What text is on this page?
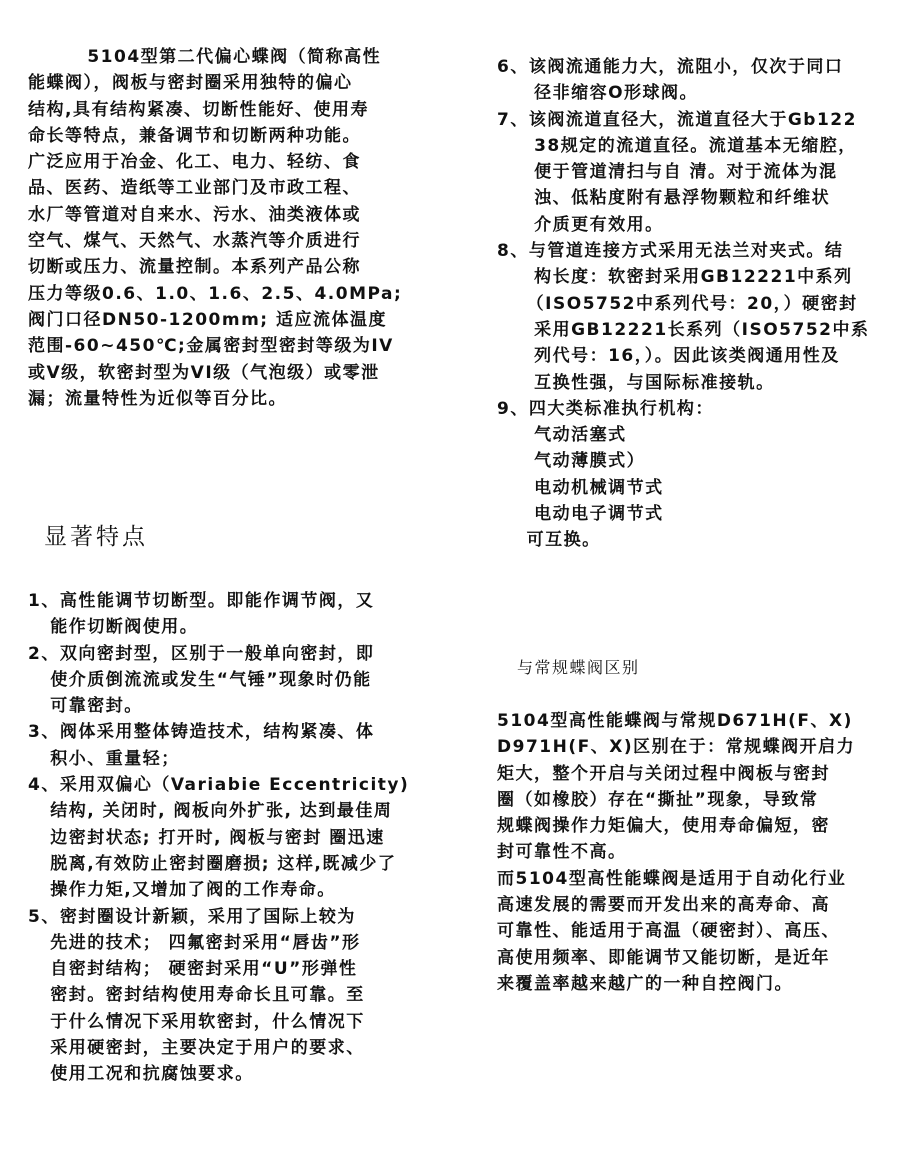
5104型第二代偏心蝶阀（简称高性
能蝶阀），阀板与密封圈采用独特的偏心
结构,具有结构紧凑、切断性能好、使用寿
命长等特点，兼备调节和切断两种功能。
广泛应用于冶金、化工、电力、轻纺、食
品、医药、造纸等工业部门及市政工程、
水厂等管道对自来水、污水、油类液体或
空气、煤气、天然气、水蒸汽等介质进行
切断或压力、流量控制。本系列产品公称
压力等级0.6、1.0、1.6、2.5、4.0MPa;
阀门口径DN50-1200mm; 适应流体温度
范围-60~450℃;金属密封型密封等级为IV
或V级，软密封型为VI级（气泡级）或零泄
漏；流量特性为近似等百分比。
显著特点
1、高性能调节切断型。即能作调节阀，又
能作切断阀使用。
2、双向密封型，区别于一般单向密封，即
使介质倒流流或发生“气锤”现象时仍能
可靠密封。
3、阀体采用整体铸造技术，结构紧凑、体
积小、重量轻；
4、采用双偏心（Variabie Eccentricity)
结构, 关闭时, 阀板向外扩张, 达到最佳周
边密封状态; 打开时, 阀板与密封 圈迅速
脱离,有效防止密封圈磨损; 这样,既减少了
操作力矩,又增加了阀的工作寿命。
5、密封圈设计新颖，采用了国际上较为
先进的技术； 四氟密封采用“唇齿”形
自密封结构； 硬密封采用“U”形弹性
密封。密封结构使用寿命长且可靠。至
于什么情况下采用软密封，什么情况下
采用硬密封，主要决定于用户的要求、
使用工况和抗腐蚀要求。
6、该阀流通能力大，流阻小，仅次于同口
径非缩容O形球阀。
7、该阀流道直径大，流道直径大于Gb122
38规定的流道直径。流道基本无缩腔，
便于管道清扫与自 清。对于流体为混
浊、低粘度附有悬浮物颗粒和纤维状
介质更有效用。
8、与管道连接方式采用无法兰对夹式。结
构长度：软密封采用GB12221中系列
（ISO5752中系列代号：20，）硬密封
采用GB12221长系列（ISO5752中系
列代号：16，）。因此该类阀通用性及
互换性强，与国际标准接轨。
9、四大类标准执行机构：
气动活塞式
气动薄膜式）
电动机械调节式
电动电子调节式
可互换。
与常规蝶阀区别
5104型高性能蝶阀与常规D671H(F、X)
D971H(F、X)区别在于：常规蝶阀开启力
矩大，整个开启与关闭过程中阀板与密封
圈（如橡胶）存在“撕扯”现象，导致常
规蝶阀操作力矩偏大，使用寿命偏短，密
封可靠性不高。
而5104型高性能蝶阀是适用于自动化行业
高速发展的需要而开发出来的高寿命、高
可靠性、能适用于高温（硬密封）、高压、
高使用频率、即能调节又能切断，是近年
来覆盖率越来越广的一种自控阀门。
